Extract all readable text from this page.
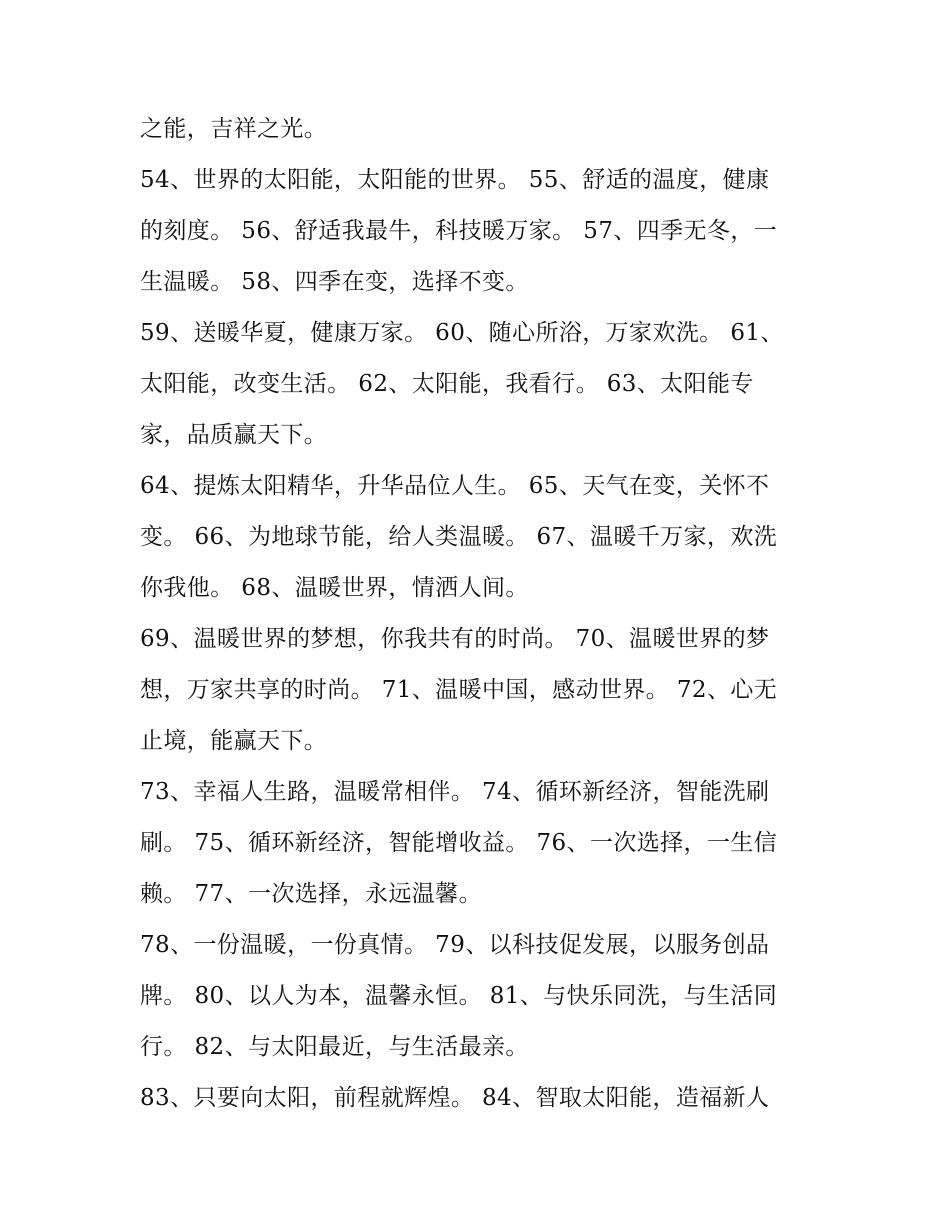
之能，吉祥之光。
54、世界的太阳能，太阳能的世界。 55、舒适的温度，健康
的刻度。 56、舒适我最牛，科技暖万家。 57、四季无冬，一
生温暖。 58、四季在变，选择不变。
59、送暖华夏，健康万家。 60、随心所浴，万家欢洗。 61、
太阳能，改变生活。 62、太阳能，我看行。 63、太阳能专
家，品质赢天下。
64、提炼太阳精华，升华品位人生。 65、天气在变，关怀不
变。 66、为地球节能，给人类温暖。 67、温暖千万家，欢洗
你我他。 68、温暖世界，情洒人间。
69、温暖世界的梦想，你我共有的时尚。 70、温暖世界的梦
想，万家共享的时尚。 71、温暖中国，感动世界。 72、心无
止境，能赢天下。
73、幸福人生路，温暖常相伴。 74、循环新经济，智能洗刷
刷。 75、循环新经济，智能增收益。 76、一次选择，一生信
赖。 77、一次选择，永远温馨。
78、一份温暖，一份真情。 79、以科技促发展，以服务创品
牌。 80、以人为本，温馨永恒。 81、与快乐同洗，与生活同
行。 82、与太阳最近，与生活最亲。
83、只要向太阳，前程就辉煌。 84、智取太阳能，造福新人
